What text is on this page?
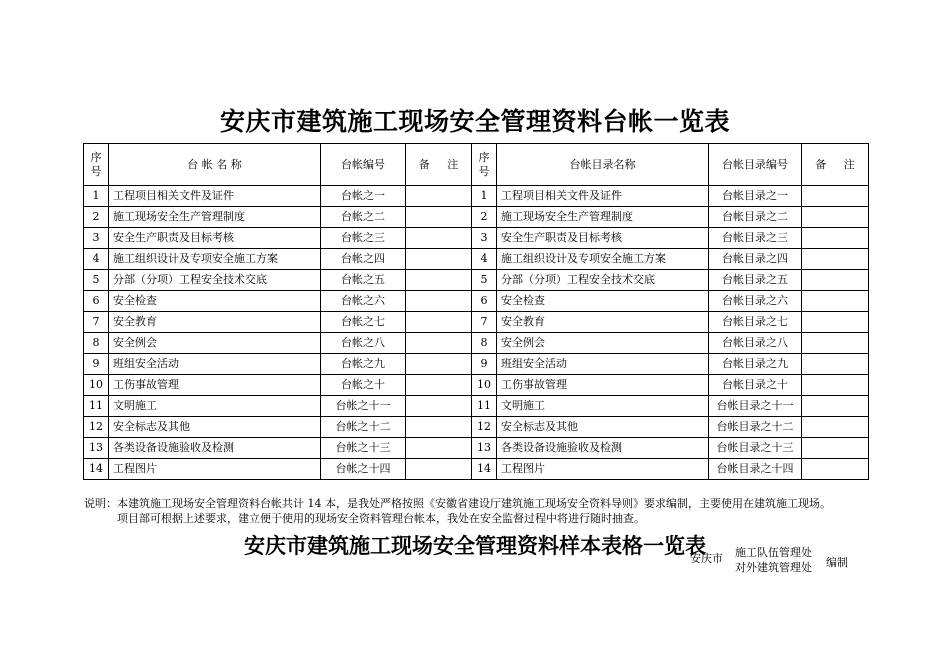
安庆市建筑施工现场安全管理资料台帐一览表
序号	台 帐 名 称	台帐编号	备 注	序号	台帐目录名称	台帐目录编号	备 注
1	工程项目相关文件及证件	台帐之一		1	工程项目相关文件及证件	台帐目录之一	
2	施工现场安全生产管理制度	台帐之二		2	施工现场安全生产管理制度	台帐目录之二	
3	安全生产职责及目标考核	台帐之三		3	安全生产职责及目标考核	台帐目录之三	
4	施工组织设计及专项安全施工方案	台帐之四		4	施工组织设计及专项安全施工方案	台帐目录之四	
5	分部（分项）工程安全技术交底	台帐之五		5	分部（分项）工程安全技术交底	台帐目录之五	
6	安全检查	台帐之六		6	安全检查	台帐目录之六	
7	安全教育	台帐之七		7	安全教育	台帐目录之七	
8	安全例会	台帐之八		8	安全例会	台帐目录之八	
9	班组安全活动	台帐之九		9	班组安全活动	台帐目录之九	
10	工伤事故管理	台帐之十		10	工伤事故管理	台帐目录之十	
11	文明施工	台帐之十一		11	文明施工	台帐目录之十一	
12	安全标志及其他	台帐之十二		12	安全标志及其他	台帐目录之十二	
13	各类设备设施验收及检测	台帐之十三		13	各类设备设施验收及检测	台帐目录之十三	
14	工程图片	台帐之十四		14	工程图片	台帐目录之十四	
说明：本建筑施工现场安全管理资料台帐共计 14 本，是我处严格按照《安徽省建设厅建筑施工现场安全资料导则》要求编制，主要使用在建筑施工现场。
项目部可根据上述要求，建立便于使用的现场安全资料管理台帐本，我处在安全监督过程中将进行随时抽查。
安庆市建筑施工现场安全管理资料样本表格一览表
安庆市 施工队伍管理处
对外建筑管理处 编制
